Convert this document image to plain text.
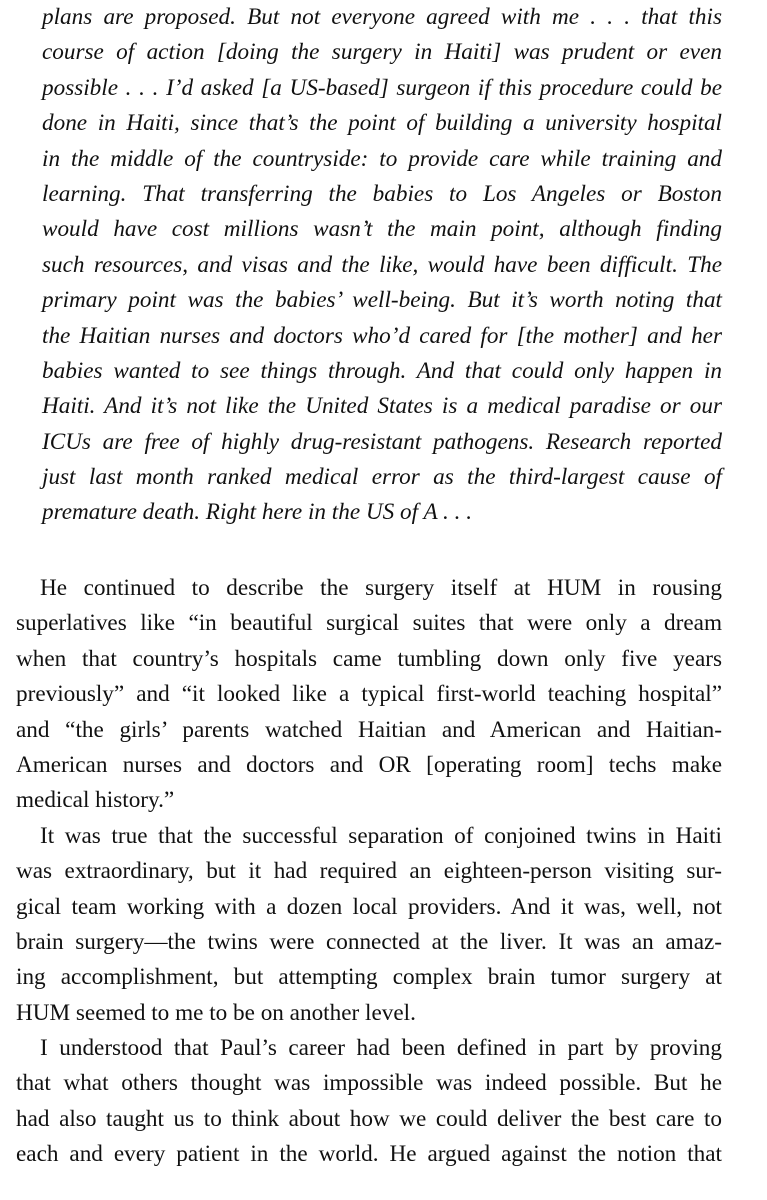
plans are proposed. But not everyone agreed with me . . . that this
course of action [doing the surgery in Haiti] was prudent or even
possible . . . I’d asked [a US-based] surgeon if this procedure could be
done in Haiti, since that’s the point of building a university hospital
in the middle of the countryside: to provide care while training and
learning. That transferring the babies to Los Angeles or Boston
would have cost millions wasn’t the main point, although finding
such resources, and visas and the like, would have been difficult. The
primary point was the babies’ well-being. But it’s worth noting that
the Haitian nurses and doctors who’d cared for [the mother] and her
babies wanted to see things through. And that could only happen in
Haiti. And it’s not like the United States is a medical paradise or our
ICUs are free of highly drug-resistant pathogens. Research reported
just last month ranked medical error as the third-largest cause of
premature death. Right here in the US of A . . .
He continued to describe the surgery itself at HUM in rousing
superlatives like “in beautiful surgical suites that were only a dream
when that country’s hospitals came tumbling down only five years
previously” and “it looked like a typical first-world teaching hospital”
and “the girls’ parents watched Haitian and American and Haitian-
American nurses and doctors and OR [operating room] techs make
medical history.”
It was true that the successful separation of conjoined twins in Haiti
was extraordinary, but it had required an eighteen-person visiting sur-
gical team working with a dozen local providers. And it was, well, not
brain surgery—the twins were connected at the liver. It was an amaz-
ing accomplishment, but attempting complex brain tumor surgery at
HUM seemed to me to be on another level.
I understood that Paul’s career had been defined in part by proving
that what others thought was impossible was indeed possible. But he
had also taught us to think about how we could deliver the best care to
each and every patient in the world. He argued against the notion that
